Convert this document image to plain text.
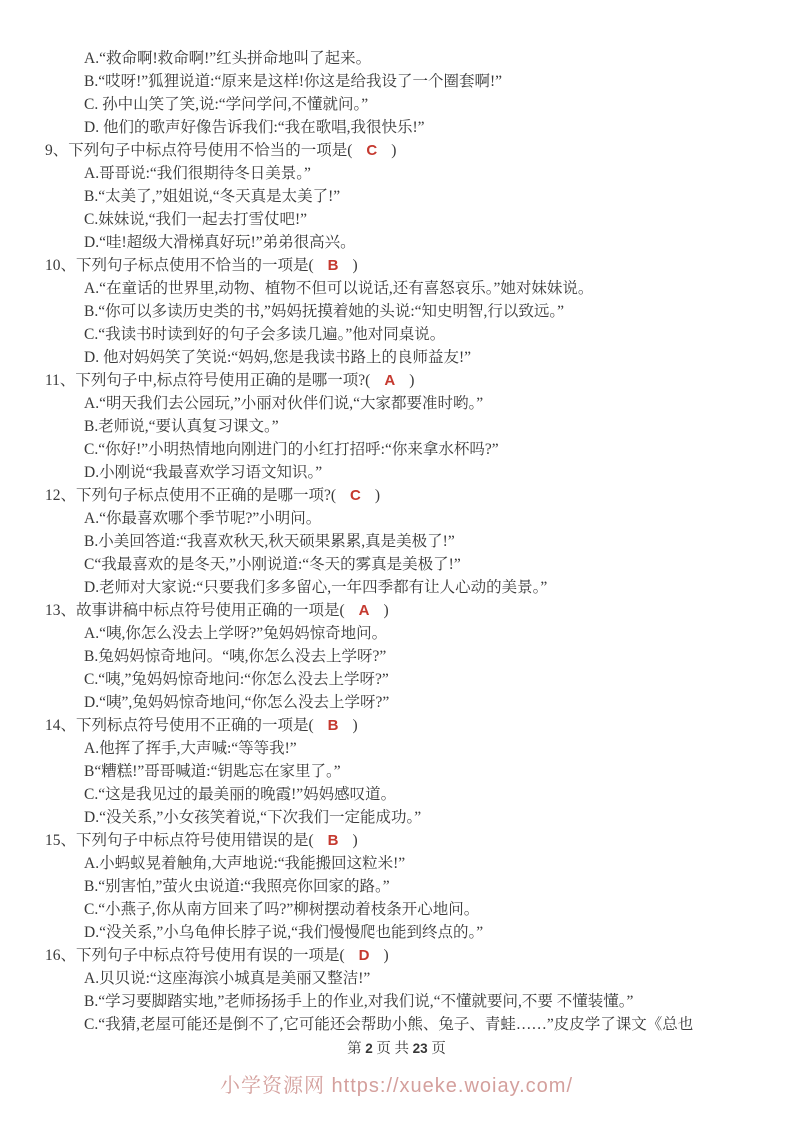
A.“救命啊!救命啊!”红头拼命地叫了起来。
B.“哎呀!”狐狸说道:“原来是这样!你这是给我设了一个圈套啊!”
C. 孙中山笑了笑,说:“学问学问,不懂就问。”
D. 他们的歌声好像告诉我们:“我在歌唱,我很快乐!”
9、下列句子中标点符号使用不恰当的一项是( C )
A.哥哥说:“我们很期待冬日美景。”
B.“太美了,”姐姐说,“冬天真是太美了!”
C.妹妹说,“我们一起去打雪仗吧!”
D.“哇!超级大滑梯真好玩!”弟弟很高兴。
10、下列句子标点使用不恰当的一项是( B )
A.“在童话的世界里,动物、植物不但可以说话,还有喜怒哀乐。”她对妹妹说。
B.“你可以多读历史类的书,”妈妈抚摸着她的头说:“知史明智,行以致远。”
C.“我读书时读到好的句子会多读几遍。”他对同桌说。
D. 他对妈妈笑了笑说:“妈妈,您是我读书路上的良师益友!”
11、下列句子中,标点符号使用正确的是哪一项?( A )
A.“明天我们去公园玩,”小丽对伙伴们说,“大家都要准时哟。”
B.老师说,“要认真复习课文。”
C.“你好!”小明热情地向刚进门的小红打招呼:“你来拿水杯吗?”
D.小刚说“我最喜欢学习语文知识。”
12、下列句子标点使用不正确的是哪一项?( C )
A.“你最喜欢哪个季节呢?”小明问。
B.小美回答道:“我喜欢秋天,秋天硕果累累,真是美极了!”
C“我最喜欢的是冬天,”小刚说道:“冬天的雾真是美极了!”
D.老师对大家说:“只要我们多多留心,一年四季都有让人心动的美景。”
13、故事讲稿中标点符号使用正确的一项是( A )
A.“咦,你怎么没去上学呀?”兔妈妈惊奇地问。
B.兔妈妈惊奇地问。“咦,你怎么没去上学呀?”
C.“咦,”兔妈妈惊奇地问:“你怎么没去上学呀?”
D.“咦”,兔妈妈惊奇地问,“你怎么没去上学呀?”
14、下列标点符号使用不正确的一项是( B )
A.他挥了挥手,大声喊:“等等我!”
B“糟糕!”哥哥喊道:“钥匙忘在家里了。”
C.“这是我见过的最美丽的晚霞!”妈妈感叹道。
D.“没关系,”小女孩笑着说,“下次我们一定能成功。”
15、下列句子中标点符号使用错误的是( B )
A.小蚂蚁晃着触角,大声地说:“我能搬回这粒米!”
B.“别害怕,”萤火虫说道:“我照亮你回家的路。”
C.“小燕子,你从南方回来了吗?”柳树摆动着枝条开心地问。
D.“没关系,”小乌龟伸长脖子说,“我们慢慢爬也能到终点的。”
16、下列句子中标点符号使用有误的一项是( D )
A.贝贝说:“这座海滨小城真是美丽又整洁!”
B.“学习要脚踏实地,”老师扬扬手上的作业,对我们说,“不懂就要问,不要 不懂装懂。”
C.“我猜,老屋可能还是倒不了,它可能还会帮助小熊、兔子、青蛙……”皮皮学了课文《总也
第 2 页 共 23 页
小学资源网 https://xueke.woiay.com/
